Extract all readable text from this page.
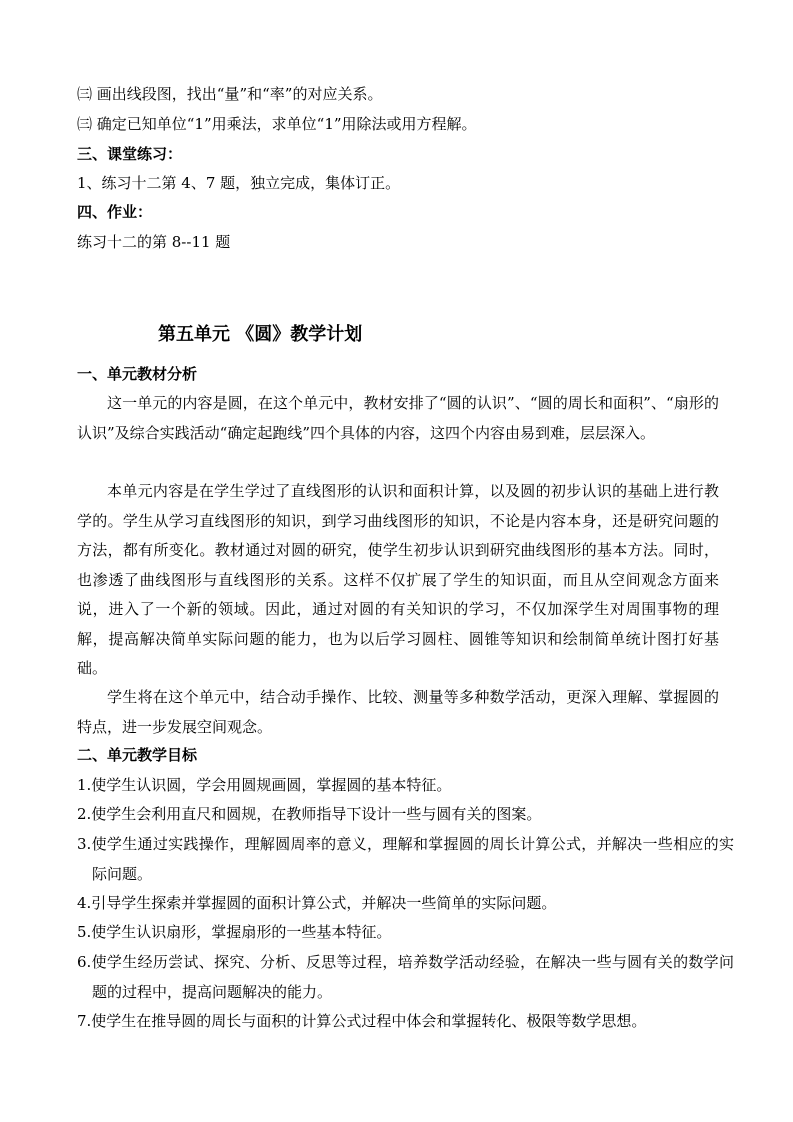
㈢ 画出线段图，找出“量”和“率”的对应关系。
㈢ 确定已知单位“1”用乘法，求单位“1”用除法或用方程解。
三、课堂练习：
1、练习十二第 4、7 题，独立完成，集体订正。
四、作业：
练习十二的第 8--11 题
第五单元 《圆》教学计划
一、单元教材分析

这一单元的内容是圆，在这个单元中，教材安排了“圆的认识”、“圆的周长和面积”、“扇形的认识”及综合实践活动“确定起跑线”四个具体的内容，这四个内容由易到难，层层深入。

本单元内容是在学生学过了直线图形的认识和面积计算，以及圆的初步认识的基础上进行教学的。学生从学习直线图形的知识，到学习曲线图形的知识，不论是内容本身，还是研究问题的方法，都有所变化。教材通过对圆的研究，使学生初步认识到研究曲线图形的基本方法。同时，也渗透了曲线图形与直线图形的关系。这样不仅扩展了学生的知识面，而且从空间观念方面来说，进入了一个新的领域。因此，通过对圆的有关知识的学习，不仅加深学生对周围事物的理解，提高解决简单实际问题的能力，也为以后学习圆柱、圆锥等知识和绘制简单统计图打好基础。

学生将在这个单元中，结合动手操作、比较、测量等多种数学活动，更深入理解、掌握圆的特点，进一步发展空间观念。

二、单元教学目标

1.使学生认识圆，学会用圆规画圆，掌握圆的基本特征。

2.使学生会利用直尺和圆规，在教师指导下设计一些与圆有关的图案。

3.使学生通过实践操作，理解圆周率的意义，理解和掌握圆的周长计算公式，并解决一些相应的实际问题。

4.引导学生探索并掌握圆的面积计算公式，并解决一些简单的实际问题。

5.使学生认识扇形，掌握扇形的一些基本特征。

6.使学生经历尝试、探究、分析、反思等过程，培养数学活动经验，在解决一些与圆有关的数学问题的过程中，提高问题解决的能力。

7.使学生在推导圆的周长与面积的计算公式过程中体会和掌握转化、极限等数学思想。
